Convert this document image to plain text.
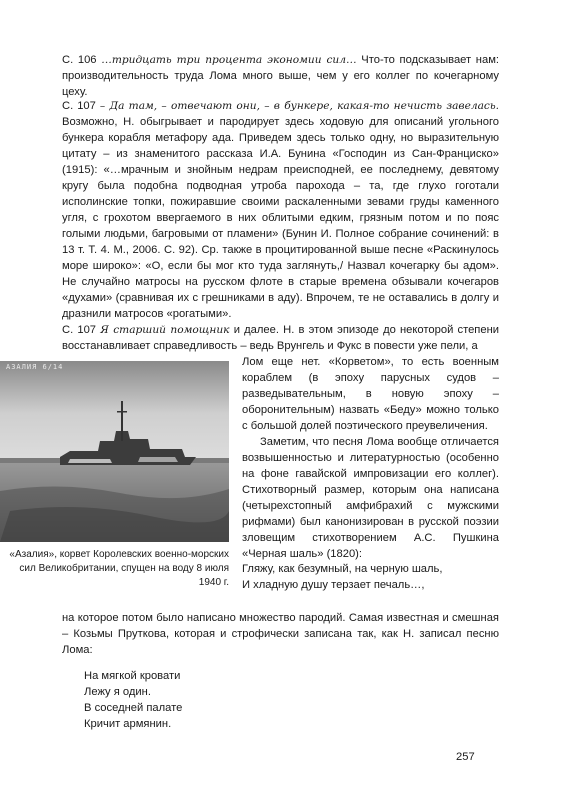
С. 106 …тридцать три процента экономии сил… Что-то подсказывает нам: производительность труда Лома много выше, чем у его коллег по кочегарному цеху.

С. 107 – Да там, – отвечают они, – в бункере, какая-то нечисть завелась. Возможно, Н. обыгрывает и пародирует здесь ходовую для описаний угольного бункера корабля метафору ада. Приведем здесь только одну, но выразительную цитату – из знаменитого рассказа И.А. Бунина «Господин из Сан-Франциско» (1915): «…мрачным и знойным недрам преисподней, ее последнему, девятому кругу была подобна подводная утроба парохода – та, где глухо гоготали исполинские топки, пожиравшие своими раскаленными зевами груды каменного угля, с грохотом ввергаемого в них облитыми едким, грязным потом и по пояс голыми людьми, багровыми от пламени» (Бунин И. Полное собрание сочинений: в 13 т. Т. 4. М., 2006. С. 92). Ср. также в процитированной выше песне «Раскинулось море широко»: «О, если бы мог кто туда заглянуть,/ Назвал кочегарку бы адом». Не случайно матросы на русском флоте в старые времена обзывали кочегаров «духами» (сравнивая их с грешниками в аду). Впрочем, те не оставались в долгу и дразнили матросов «рогатыми».

С. 107 Я старший помощник и далее. Н. в этом эпизоде до некоторой степени восстанавливает справедливость – ведь Врунгель и Фукс в повести уже пели, а

Лом еще нет. «Корветом», то есть военным кораблем (в эпоху парусных судов – разведывательным, в новую эпоху – оборонительным) назвать «Беду» можно только с большой долей поэтического преувеличения.

АЗАЛИЯ 6/14
«Азалия», корвет Королевских военно-морских сил Великобритании, спущен на воду 8 июля 1940 г.

Заметим, что песня Лома вообще отличается возвышенностью и литературностью (особенно на фоне гавайской импровизации его коллег). Стихотворный размер, которым она написана (четырехстопный амфибрахий с мужскими рифмами) был канонизирован в русской поэзии зловещим стихотворением А.С. Пушкина «Черная шаль» (1820):

Гляжу, как безумный, на черную шаль,
И хладную душу терзает печаль…,

на которое потом было написано множество пародий. Самая известная и смешная – Козьмы Пруткова, которая и строфически записана так, как Н. записал песню Лома:

На мягкой кровати
Лежу я один.
В соседней палате
Кричит армянин.
257
